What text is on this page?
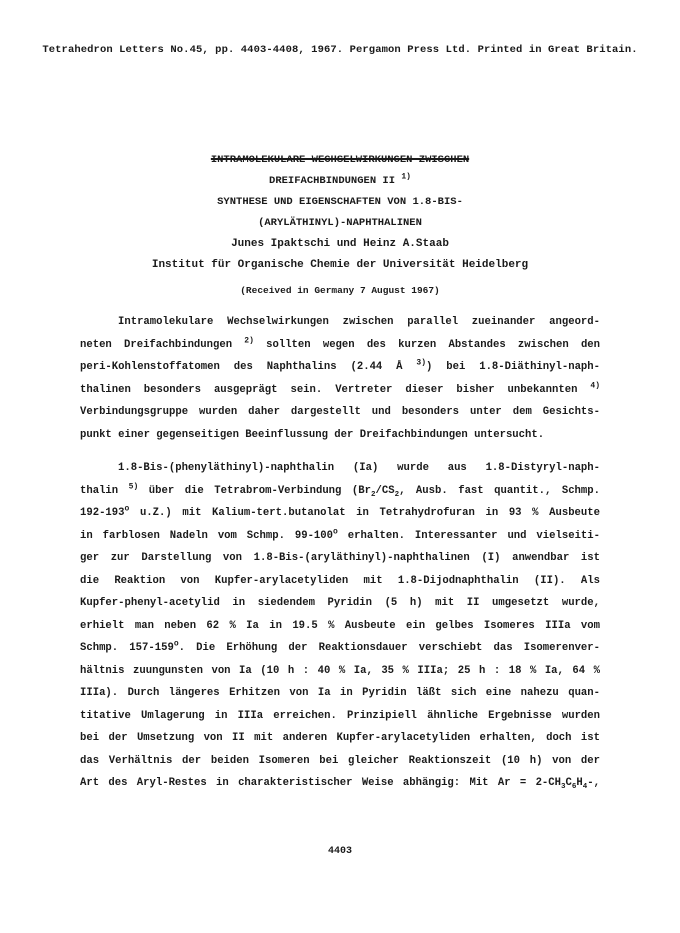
Tetrahedron Letters No.45, pp. 4403-4408, 1967. Pergamon Press Ltd. Printed in Great Britain.
INTRAMOLEKULARE WECHSELWIRKUNGEN ZWISCHEN
DREIFACHBINDUNGEN II $^{1)}$
SYNTHESE UND EIGENSCHAFTEN VON 1.8-BIS-
(ARYLÄTHINYL)-NAPHTHALINEN
Junes Ipaktschi und Heinz A.Staab
Institut für Organische Chemie der Universität Heidelberg
(Received in Germany 7 August 1967)
Intramolekulare Wechselwirkungen zwischen parallel zueinander angeord-
neten Dreifachbindungen $^{2)}$ sollten wegen des kurzen Abstandes zwischen den
peri-Kohlenstoffatomen des Naphthalins (2.44 Å $^{3)}$) bei 1.8-Diäthinyl-naph-
thalinen besonders ausgeprägt sein. Vertreter dieser bisher unbekannten $^{4)}$
Verbindungsgruppe wurden daher dargestellt und besonders unter dem Gesichts-
punkt einer gegenseitigen Beeinflussung der Dreifachbindungen untersucht.
1.8-Bis-(phenyläthinyl)-naphthalin (Ia) wurde aus 1.8-Distyryl-naph-
thalin $^{5)}$ über die Tetrabrom-Verbindung ($Br_2/CS_2$, Ausb. fast quantit., Schmp.
192-193$^o$ u.Z.) mit Kalium-tert.butanolat in Tetrahydrofuran in 93 % Ausbeute
in farblosen Nadeln vom Schmp. 99-100$^o$ erhalten. Interessanter und vielseiti-
ger zur Darstellung von 1.8-Bis-(aryläthinyl)-naphthalinen (I) anwendbar ist
die Reaktion von Kupfer-arylacetyliden mit 1.8-Dijodnaphthalin (II). Als
Kupfer-phenyl-acetylid in siedendem Pyridin (5 h) mit II umgesetzt wurde,
erhielt man neben 62 % Ia in 19.5 % Ausbeute ein gelbes Isomeres IIIa vom
Schmp. 157-159$^o$. Die Erhöhung der Reaktionsdauer verschiebt das Isomerenver-
hältnis zuungunsten von Ia (10 h : 40 % Ia, 35 % IIIa; 25 h : 18 % Ia, 64 %
IIIa). Durch längeres Erhitzen von Ia in Pyridin läßt sich eine nahezu quan-
titative Umlagerung in IIIa erreichen. Prinzipiell ähnliche Ergebnisse wurden
bei der Umsetzung von II mit anderen Kupfer-arylacetyliden erhalten, doch ist
das Verhältnis der beiden Isomeren bei gleicher Reaktionszeit (10 h) von der
Art des Aryl-Restes in charakteristischer Weise abhängig: Mit $Ar = 2-CH_3C_6H_4-$,
4403
